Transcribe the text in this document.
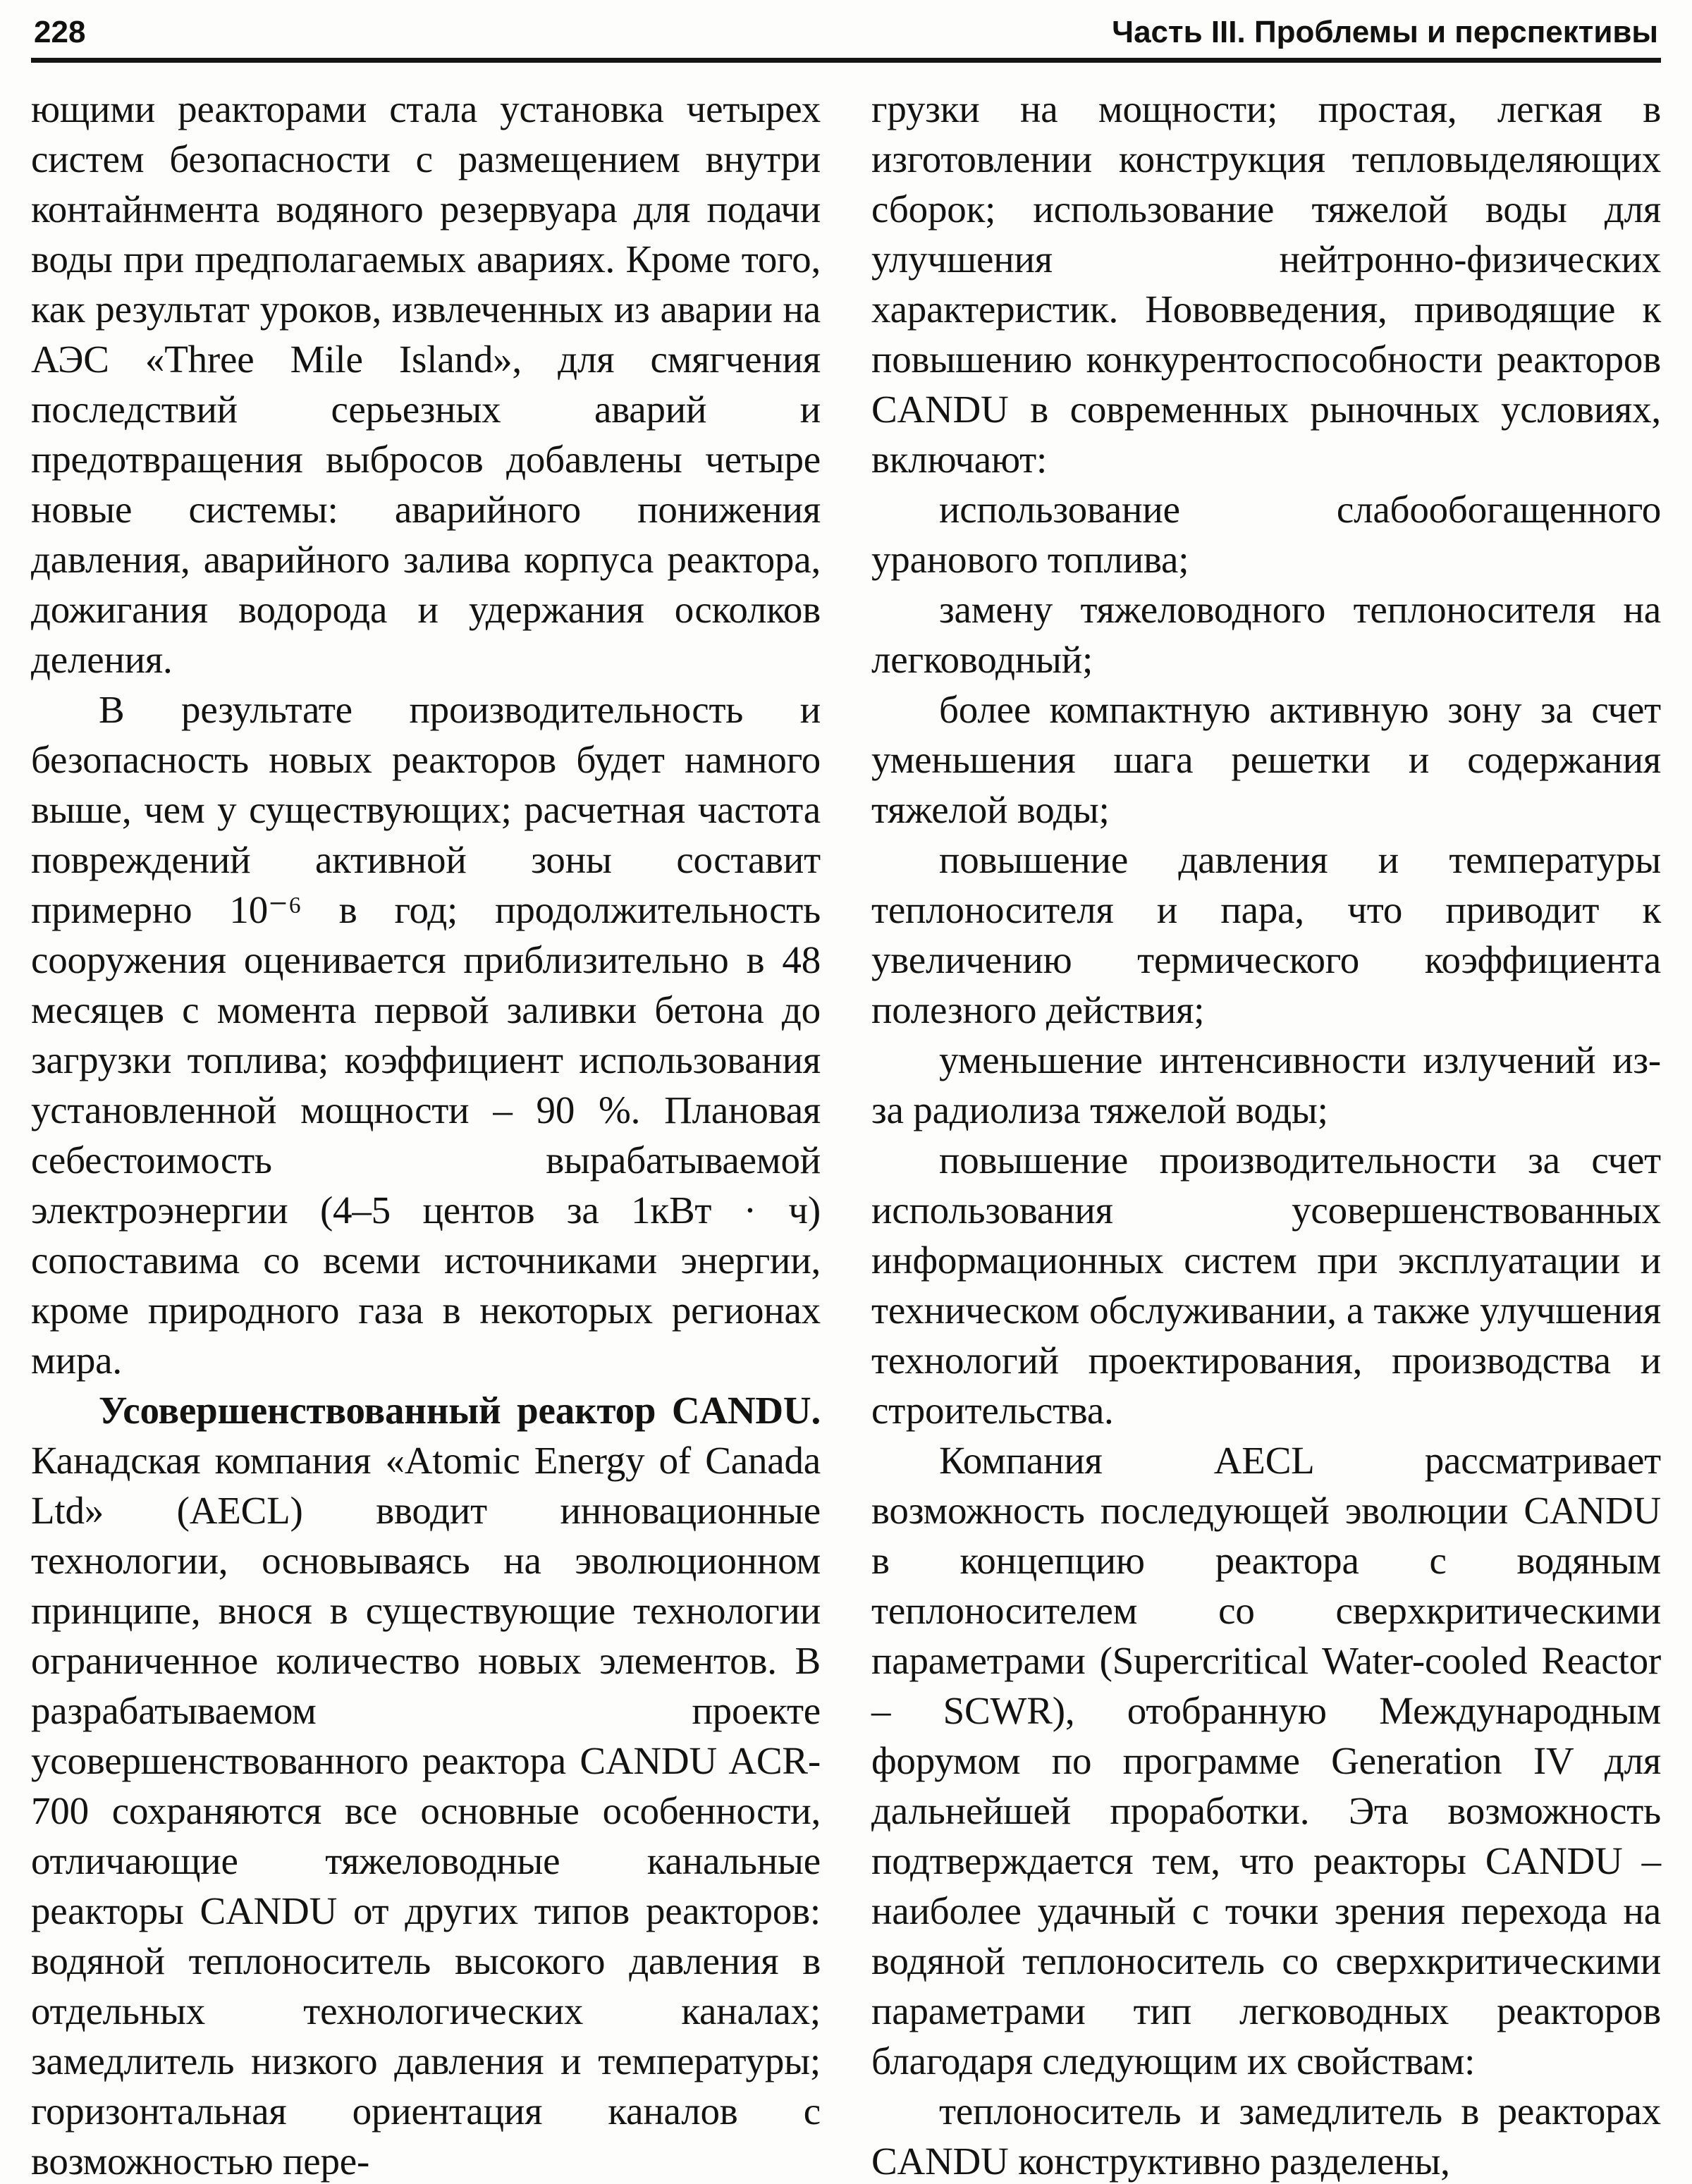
228	Часть III. Проблемы и перспективы

ющими реакторами стала установка четырех систем безопасности с размещением внутри контайнмента водяного резервуара для подачи воды при предполагаемых авариях. Кроме того, как результат уроков, извлеченных из аварии на АЭС «Three Mile Island», для смягчения последствий серьезных аварий и предотвращения выбросов добавлены четыре новые системы: аварийного понижения давления, аварийного залива корпуса реактора, дожигания водорода и удержания осколков деления.

В результате производительность и безопасность новых реакторов будет намного выше, чем у существующих; расчетная частота повреждений активной зоны составит примерно 10⁻⁶ в год; продолжительность сооружения оценивается приблизительно в 48 месяцев с момента первой заливки бетона до загрузки топлива; коэффициент использования установленной мощности – 90 %. Плановая себестоимость вырабатываемой электроэнергии (4–5 центов за 1кВт · ч) сопоставима со всеми источниками энергии, кроме природного газа в некоторых регионах мира.

Усовершенствованный реактор CANDU. Канадская компания «Atomic Energy of Canada Ltd» (AECL) вводит инновационные технологии, основываясь на эволюционном принципе, внося в существующие технологии ограниченное количество новых элементов. В разрабатываемом проекте усовершенствованного реактора CANDU ACR-700 сохраняются все основные особенности, отличающие тяжеловодные канальные реакторы CANDU от других типов реакторов: водяной теплоноситель высокого давления в отдельных технологических каналах; замедлитель низкого давления и температуры; горизонтальная ориентация каналов с возможностью пере-

грузки на мощности; простая, легкая в изготовлении конструкция тепловыделяющих сборок; использование тяжелой воды для улучшения нейтронно-физических характеристик. Нововведения, приводящие к повышению конкурентоспособности реакторов CANDU в современных рыночных условиях, включают:

использование слабообогащенного уранового топлива;

замену тяжеловодного теплоносителя на легководный;

более компактную активную зону за счет уменьшения шага решетки и содержания тяжелой воды;

повышение давления и температуры теплоносителя и пара, что приводит к увеличению термического коэффициента полезного действия;

уменьшение интенсивности излучений из-за радиолиза тяжелой воды;

повышение производительности за счет использования усовершенствованных информационных систем при эксплуатации и техническом обслуживании, а также улучшения технологий проектирования, производства и строительства.

Компания AECL рассматривает возможность последующей эволюции CANDU в концепцию реактора с водяным теплоносителем со сверхкритическими параметрами (Supercritical Water-cooled Reactor – SCWR), отобранную Международным форумом по программе Generation IV для дальнейшей проработки. Эта возможность подтверждается тем, что реакторы CANDU – наиболее удачный с точки зрения перехода на водяной теплоноситель со сверхкритическими параметрами тип легководных реакторов благодаря следующим их свойствам:

теплоноситель и замедлитель в реакторах CANDU конструктивно разделены,
